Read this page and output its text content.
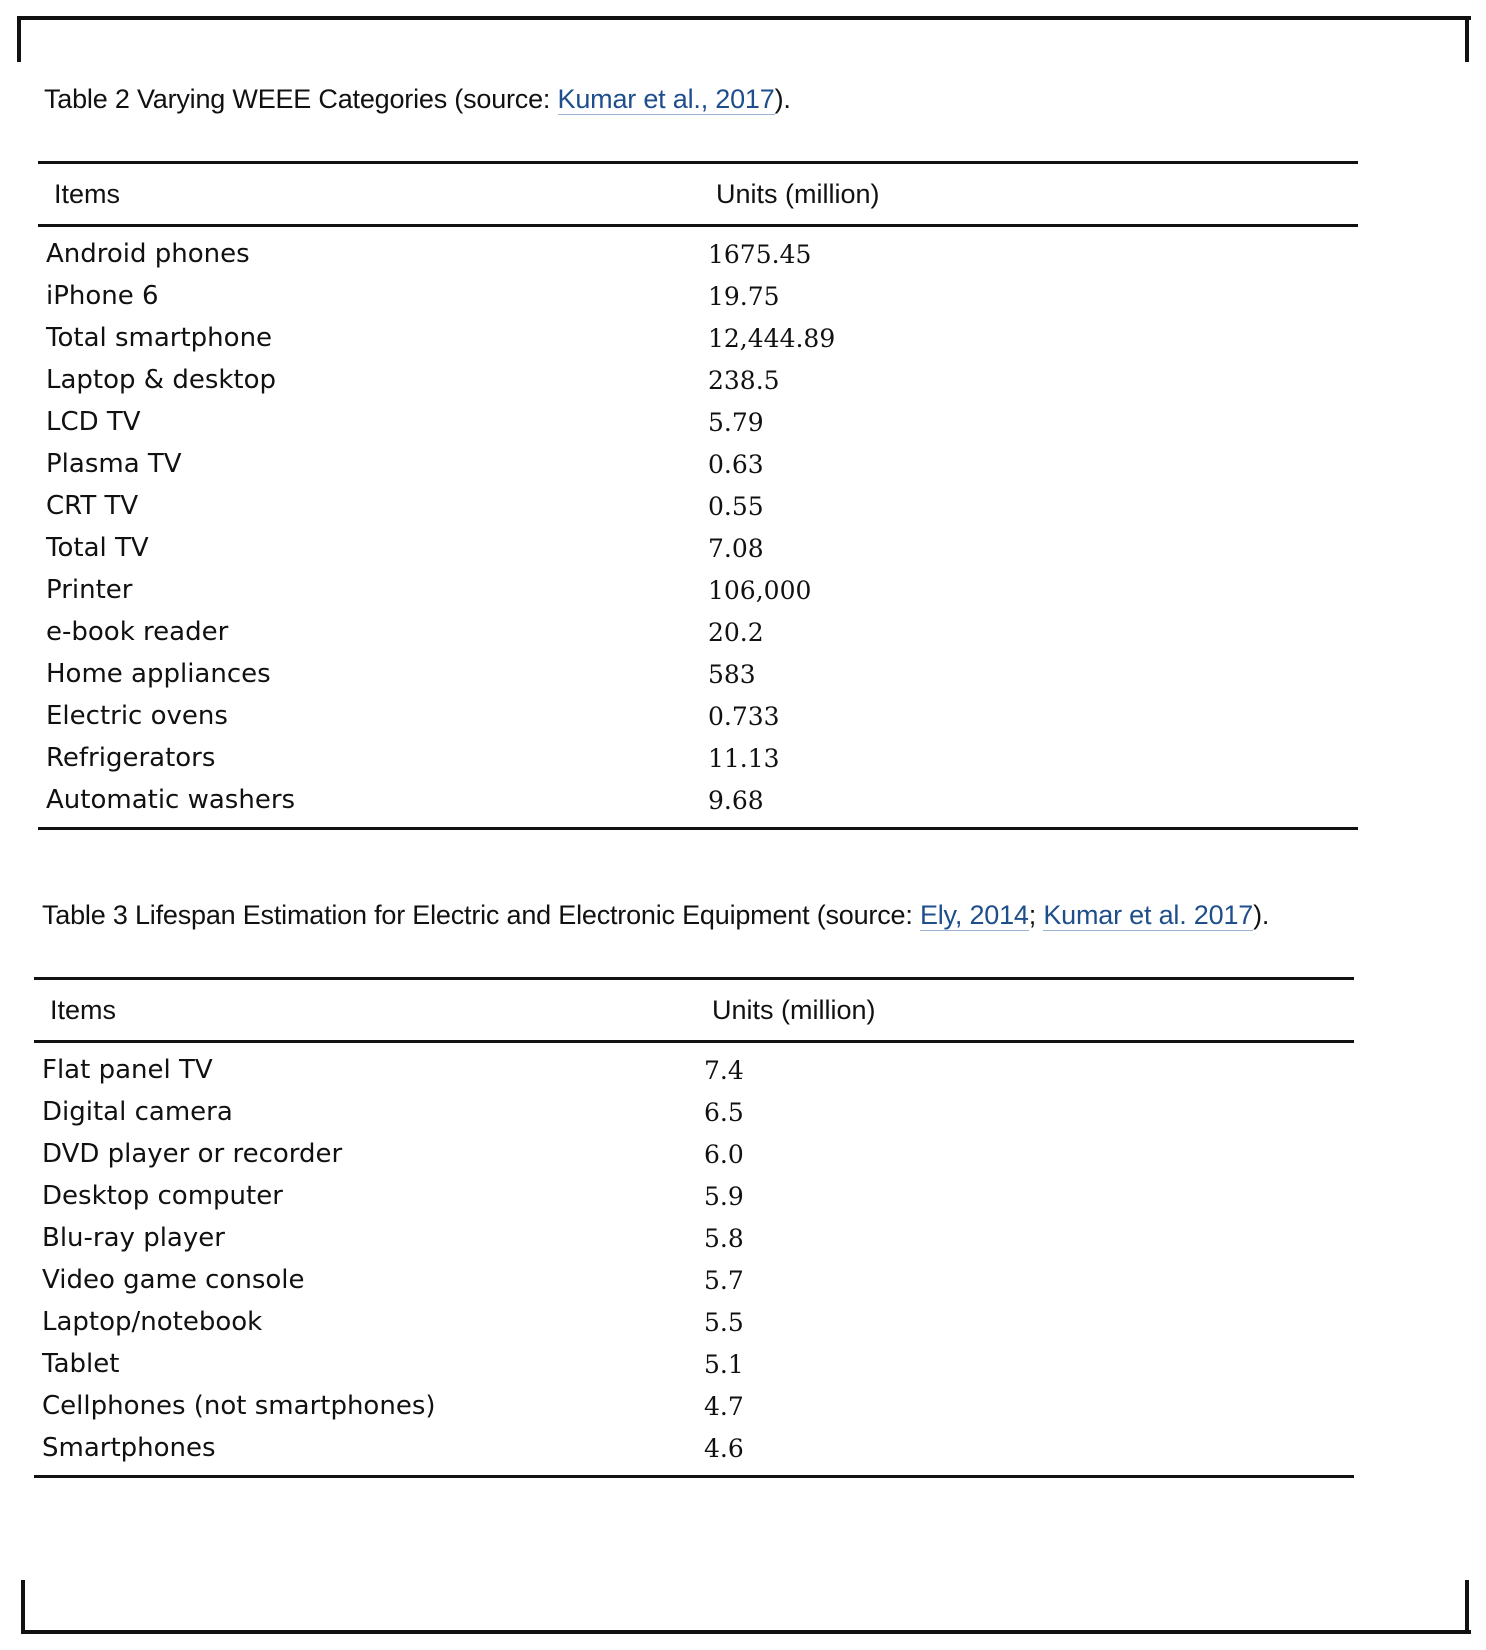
Table 2 Varying WEEE Categories (source: Kumar et al., 2017).
Items	Units (million)
Android phones	1675.45
iPhone 6	19.75
Total smartphone	12,444.89
Laptop & desktop	238.5
LCD TV	5.79
Plasma TV	0.63
CRT TV	0.55
Total TV	7.08
Printer	106,000
e-book reader	20.2
Home appliances	583
Electric ovens	0.733
Refrigerators	11.13
Automatic washers	9.68
Table 3 Lifespan Estimation for Electric and Electronic Equipment (source: Ely, 2014; Kumar et al. 2017).
Items	Units (million)
Flat panel TV	7.4
Digital camera	6.5
DVD player or recorder	6.0
Desktop computer	5.9
Blu-ray player	5.8
Video game console	5.7
Laptop/notebook	5.5
Tablet	5.1
Cellphones (not smartphones)	4.7
Smartphones	4.6
